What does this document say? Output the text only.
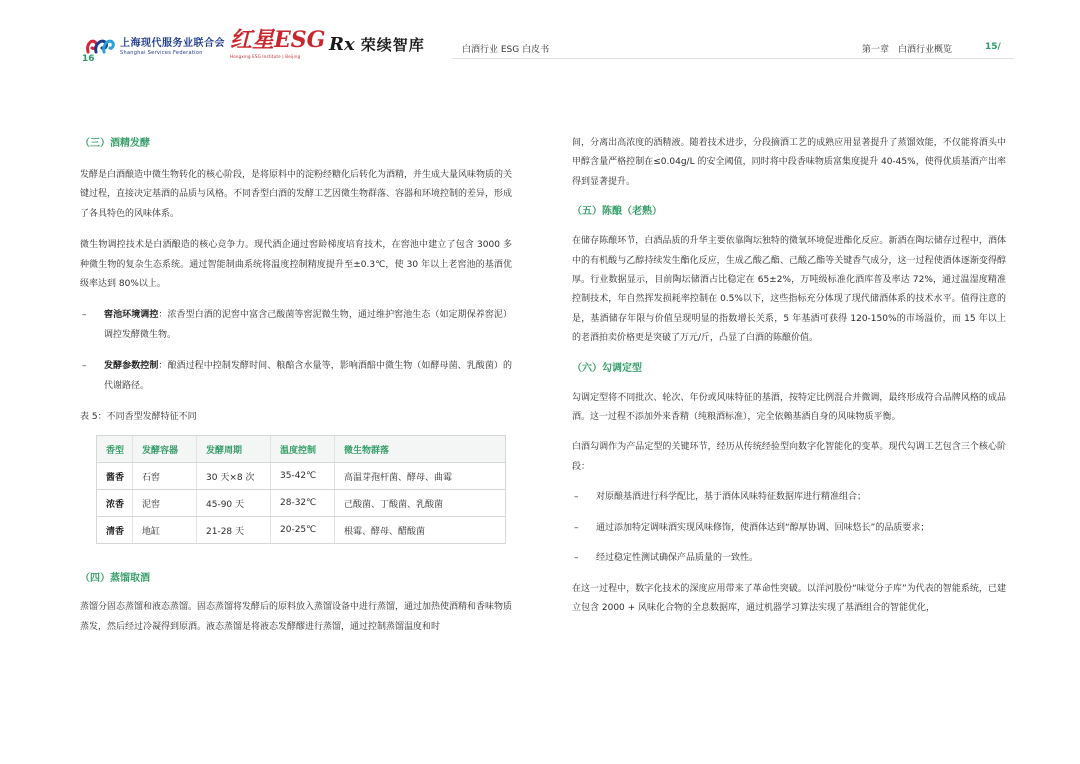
上海现代服务业联合会
Shanghai Services Federation
16
红星ESG
Hongxing ESG Institute | Beijing
Rx 荣续智库	白酒行业 ESG 白皮书	第一章　白酒行业概览	15/

（三）酒精发酵

发酵是白酒酿造中微生物转化的核心阶段，是将原料中的淀粉经糖化后转化为酒精，并生成大量风味物质的关键过程，直接决定基酒的品质与风格。不同香型白酒的发酵工艺因微生物群落、容器和环境控制的差异，形成了各具特色的风味体系。

微生物调控技术是白酒酿造的核心竞争力。现代酒企通过窖龄梯度培育技术，在窖池中建立了包含 3000 多种微生物的复杂生态系统。通过智能制曲系统将温度控制精度提升至±0.3℃，使 30 年以上老窖池的基酒优级率达到 80%以上。

–	窖池环境调控：浓香型白酒的泥窖中富含己酸菌等窖泥微生物，通过维护窖池生态（如定期保养窖泥）调控发酵微生物。
–	发酵参数控制：酿酒过程中控制发酵时间、粮醅含水量等，影响酒醅中微生物（如酵母菌、乳酸菌）的代谢路径。

表 5：不同香型发酵特征不同

香型	发酵容器	发酵周期	温度控制	微生物群落
酱香	石窖	30 天×8 次	35-42℃	高温芽孢杆菌、酵母、曲霉
浓香	泥窖	45-90 天	28-32℃	己酸菌、丁酸菌、乳酸菌
清香	地缸	21-28 天	20-25℃	根霉、酵母、醋酸菌

（四）蒸馏取酒

蒸馏分固态蒸馏和液态蒸馏。固态蒸馏将发酵后的原料放入蒸馏设备中进行蒸馏，通过加热使酒精和香味物质蒸发，然后经过冷凝得到原酒。液态蒸馏是将液态发酵醪进行蒸馏，通过控制蒸馏温度和时

间，分离出高浓度的酒精液。随着技术进步，分段摘酒工艺的成熟应用显著提升了蒸馏效能，不仅能将酒头中甲醇含量严格控制在≤0.04g/L 的安全阈值，同时将中段香味物质富集度提升 40-45%，使得优质基酒产出率得到显著提升。

（五）陈酿（老熟）

在储存陈酿环节，白酒品质的升华主要依靠陶坛独特的微氧环境促进酯化反应。新酒在陶坛储存过程中，酒体中的有机酸与乙醇持续发生酯化反应，生成乙酸乙酯、己酸乙酯等关键香气成分，这一过程使酒体逐渐变得醇厚。行业数据显示，目前陶坛储酒占比稳定在 65±2%，万吨级标准化酒库普及率达 72%，通过温湿度精准控制技术，年自然挥发损耗率控制在 0.5%以下，这些指标充分体现了现代储酒体系的技术水平。值得注意的是，基酒储存年限与价值呈现明显的指数增长关系，5 年基酒可获得 120-150%的市场溢价，而 15 年以上的老酒拍卖价格更是突破了万元/斤，凸显了白酒的陈酿价值。

（六）勾调定型

勾调定型将不同批次、轮次、年份或风味特征的基酒，按特定比例混合并微调，最终形成符合品牌风格的成品酒。这一过程不添加外来香精（纯粮酒标准），完全依赖基酒自身的风味物质平衡。

白酒勾调作为产品定型的关键环节，经历从传统经验型向数字化智能化的变革。现代勾调工艺包含三个核心阶段：

–	对原酿基酒进行科学配比，基于酒体风味特征数据库进行精准组合；
–	通过添加特定调味酒实现风味修饰，使酒体达到“醇厚协调、回味悠长”的品质要求；
–	经过稳定性测试确保产品质量的一致性。

在这一过程中，数字化技术的深度应用带来了革命性突破。以洋河股份“味觉分子库”为代表的智能系统，已建立包含 2000 + 风味化合物的全息数据库，通过机器学习算法实现了基酒组合的智能优化，
